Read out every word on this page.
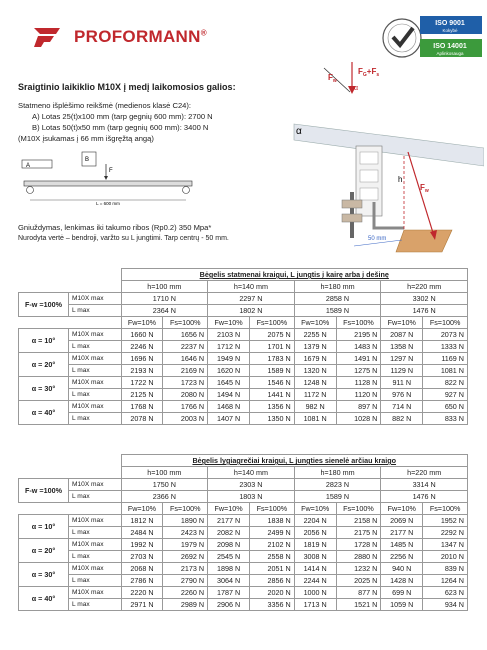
PROFORMANN®
ISO 9001
Kokybė
ISO 14001
Aplinkosauga
Sraigtinio laikiklio M10X į medį laikomosios galios:
Statmeno išplėšimo reikšmė (medienos klasė C24):
A) Lotas 25(t)x100 mm (tarp gegnių 600 mm): 2700 N
B) Lotas 50(t)x50 mm (tarp gegnių 600 mm): 3400 N
(M10X įsukamas į 66 mm išgręžtą angą)
A
B
F
L = 600 mm
Gniuždymas, lenkimas iki takumo ribos (Rp0.2) 350 Mpa*
Nurodyta vertė – bendroji, varžto su L jungtimi. Tarp centrų - 50 mm.
$F_w$
$F_G+F_s$
α
α
h
$F_w$
50 mm
		Bėgelis statmenai kraigui, L jungtis į kairę arba į dešinę							
		h=100 mm		h=140 mm		h=180 mm		h=220 mm	
F-w =100%	M10X max	1710 N		2297 N		2858 N		3302 N	
	L max	2364 N		1802 N		1589 N		1476 N	
		Fw=10%	Fs=100%	Fw=10%	Fs=100%	Fw=10%	Fs=100%	Fw=10%	Fs=100%
α = 10°	M10X max	1660 N	1656 N	2103 N	2075 N	2255 N	2195 N	2087 N	2073 N
	L max	2246 N	2237 N	1712 N	1701 N	1379 N	1483 N	1358 N	1333 N
α = 20°	M10X max	1696 N	1646 N	1949 N	1783 N	1679 N	1491 N	1297 N	1169 N
	L max	2193 N	2169 N	1620 N	1589 N	1320 N	1275 N	1129 N	1081 N
α = 30°	M10X max	1722 N	1723 N	1645 N	1546 N	1248 N	1128 N	911 N	822 N
	L max	2125 N	2080 N	1494 N	1441 N	1172 N	1120 N	976 N	927 N
α = 40°	M10X max	1768 N	1766 N	1468 N	1356 N	982 N	897 N	714 N	650 N
	L max	2078 N	2003 N	1407 N	1350 N	1081 N	1028 N	882 N	833 N
		Bėgelis lygiagrečiai kraigui, L jungties sienelė arčiau kraigo							
		h=100 mm		h=140 mm		h=180 mm		h=220 mm	
F-w =100%	M10X max	1750 N		2303 N		2823 N		3314 N	
	L max	2366 N		1803 N		1589 N		1476 N	
		Fw=10%	Fs=100%	Fw=10%	Fs=100%	Fw=10%	Fs=100%	Fw=10%	Fs=100%
α = 10°	M10X max	1812 N	1890 N	2177 N	1838 N	2204 N	2158 N	2069 N	1952 N
	L max	2484 N	2423 N	2082 N	2499 N	2056 N	2175 N	2177 N	2292 N
α = 20°	M10X max	1992 N	1979 N	2098 N	2102 N	1819 N	1728 N	1485 N	1347 N
	L max	2703 N	2692 N	2545 N	2558 N	3008 N	2880 N	2256 N	2010 N
α = 30°	M10X max	2068 N	2173 N	1898 N	2051 N	1414 N	1232 N	940 N	839 N
	L max	2786 N	2790 N	3064 N	2856 N	2244 N	2025 N	1428 N	1264 N
α = 40°	M10X max	2220 N	2260 N	1787 N	2020 N	1000 N	877 N	699 N	623 N
	L max	2971 N	2989 N	2906 N	3356 N	1713 N	1521 N	1059 N	934 N
